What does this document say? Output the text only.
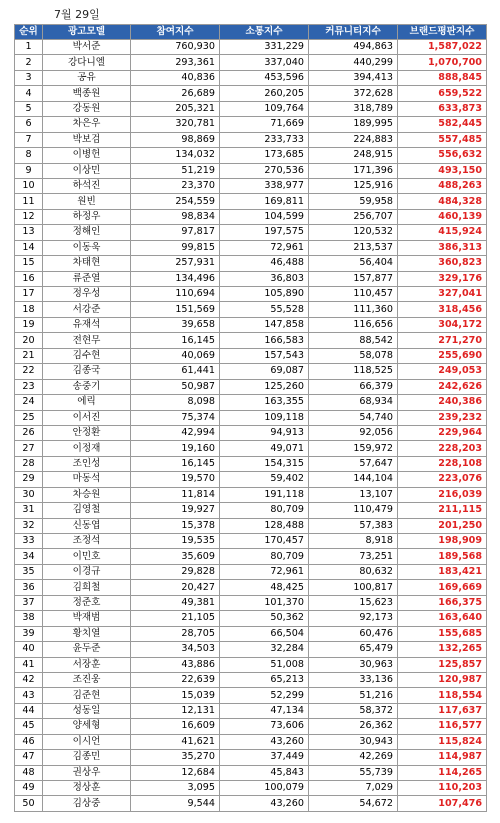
7월 29일
순위	광고모델	참여지수	소통지수	커뮤니티지수	브랜드평판지수
1	박서준	760,930	331,229	494,863	1,587,022
2	강다니엘	293,361	337,040	440,299	1,070,700
3	공유	40,836	453,596	394,413	888,845
4	백종원	26,689	260,205	372,628	659,522
5	강동원	205,321	109,764	318,789	633,873
6	차은우	320,781	71,669	189,995	582,445
7	박보검	98,869	233,733	224,883	557,485
8	이병헌	134,032	173,685	248,915	556,632
9	이상민	51,219	270,536	171,396	493,150
10	하석진	23,370	338,977	125,916	488,263
11	원빈	254,559	169,811	59,958	484,328
12	하정우	98,834	104,599	256,707	460,139
13	정해인	97,817	197,575	120,532	415,924
14	이동욱	99,815	72,961	213,537	386,313
15	차태현	257,931	46,488	56,404	360,823
16	류준열	134,496	36,803	157,877	329,176
17	정우성	110,694	105,890	110,457	327,041
18	서강준	151,569	55,528	111,360	318,456
19	유재석	39,658	147,858	116,656	304,172
20	전현무	16,145	166,583	88,542	271,270
21	김수현	40,069	157,543	58,078	255,690
22	김종국	61,441	69,087	118,525	249,053
23	송중기	50,987	125,260	66,379	242,626
24	에릭	8,098	163,355	68,934	240,386
25	이서진	75,374	109,118	54,740	239,232
26	안정환	42,994	94,913	92,056	229,964
27	이정재	19,160	49,071	159,972	228,203
28	조인성	16,145	154,315	57,647	228,108
29	마동석	19,570	59,402	144,104	223,076
30	차승원	11,814	191,118	13,107	216,039
31	김영철	19,927	80,709	110,479	211,115
32	신동엽	15,378	128,488	57,383	201,250
33	조정석	19,535	170,457	8,918	198,909
34	이민호	35,609	80,709	73,251	189,568
35	이경규	29,828	72,961	80,632	183,421
36	김희철	20,427	48,425	100,817	169,669
37	정준호	49,381	101,370	15,623	166,375
38	박재범	21,105	50,362	92,173	163,640
39	황치열	28,705	66,504	60,476	155,685
40	윤두준	34,503	32,284	65,479	132,265
41	서장훈	43,886	51,008	30,963	125,857
42	조진웅	22,639	65,213	33,136	120,987
43	김준현	15,039	52,299	51,216	118,554
44	성동일	12,131	47,134	58,372	117,637
45	양세형	16,609	73,606	26,362	116,577
46	이시언	41,621	43,260	30,943	115,824
47	김종민	35,270	37,449	42,269	114,987
48	권상우	12,684	45,843	55,739	114,265
49	정상훈	3,095	100,079	7,029	110,203
50	김상중	9,544	43,260	54,672	107,476
